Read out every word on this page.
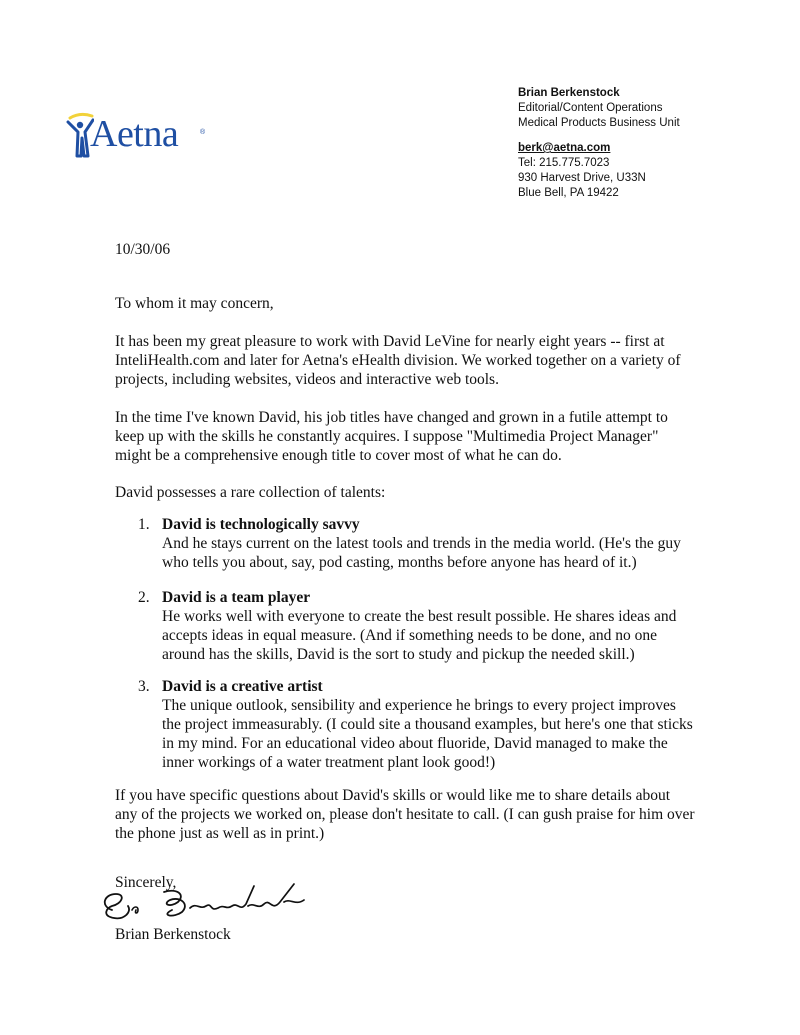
Aetna	®
Brian Berkenstock
Editorial/Content Operations
Medical Products Business Unit
berk@aetna.com
Tel: 215.775.7023
930 Harvest Drive, U33N
Blue Bell, PA 19422
10/30/06
To whom it may concern,
It has been my great pleasure to work with David LeVine for nearly eight years -- first at
InteliHealth.com and later for Aetna's eHealth division. We worked together on a variety of
projects, including websites, videos and interactive web tools.
In the time I've known David, his job titles have changed and grown in a futile attempt to
keep up with the skills he constantly acquires. I suppose "Multimedia Project Manager"
might be a comprehensive enough title to cover most of what he can do.
David possesses a rare collection of talents:
1. David is technologically savvy
And he stays current on the latest tools and trends in the media world. (He's the guy
who tells you about, say, pod casting, months before anyone has heard of it.)
2. David is a team player
He works well with everyone to create the best result possible. He shares ideas and
accepts ideas in equal measure. (And if something needs to be done, and no one
around has the skills, David is the sort to study and pickup the needed skill.)
3. David is a creative artist
The unique outlook, sensibility and experience he brings to every project improves
the project immeasurably. (I could site a thousand examples, but here's one that sticks
in my mind. For an educational video about fluoride, David managed to make the
inner workings of a water treatment plant look good!)
If you have specific questions about David's skills or would like me to share details about
any of the projects we worked on, please don't hesitate to call. (I can gush praise for him over
the phone just as well as in print.)
Sincerely,
Brian Berkenstock
